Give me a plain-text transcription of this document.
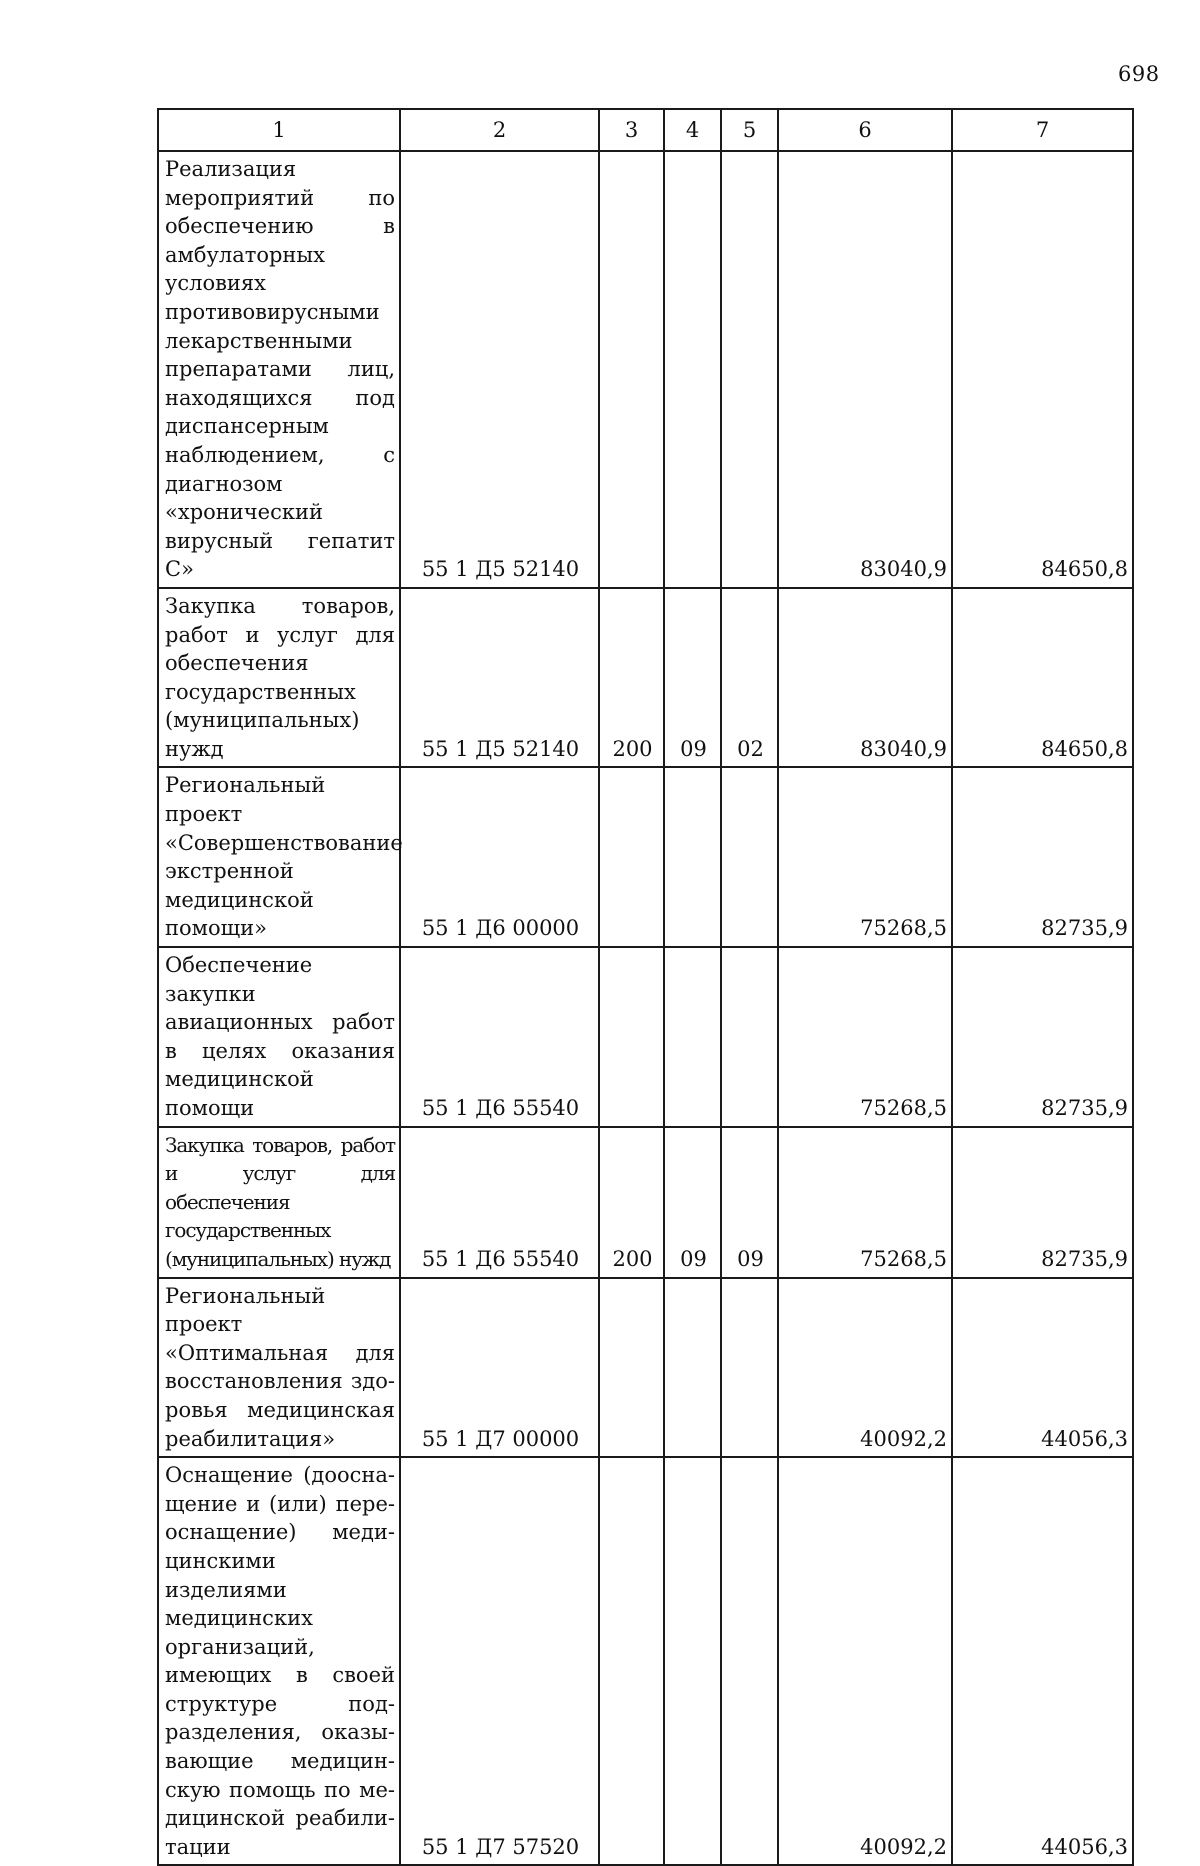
698
1	2	3	4	5	6	7
Реализация мероприятий по обеспечению в амбулаторных условиях противовирусными лекарственными препаратами лиц, находящихся под диспансерным наблюдением, с диагнозом «хронический вирусный гепатит С»	55 1 Д5 52140				83040,9	84650,8
Закупка товаров, работ и услуг для обеспечения государственных (муниципальных) нужд	55 1 Д5 52140	200	09	02	83040,9	84650,8
Региональный проект «Совершенствование экстренной медицинской помощи»	55 1 Д6 00000				75268,5	82735,9
Обеспечение закупки авиационных работ в целях оказания медицинской помощи	55 1 Д6 55540				75268,5	82735,9
Закупка товаров, работ и услуг для обеспечения государственных (муниципальных) нужд	55 1 Д6 55540	200	09	09	75268,5	82735,9
Региональный проект «Оптимальная для восстановления здоровья медицинская реабилитация»	55 1 Д7 00000				40092,2	44056,3
Оснащение (дооснащение и (или) переоснащение) медицинскими изделиями медицинских организаций, имеющих в своей структуре подразделения, оказывающие медицинскую помощь по медицинской реабилитации	55 1 Д7 57520				40092,2	44056,3
